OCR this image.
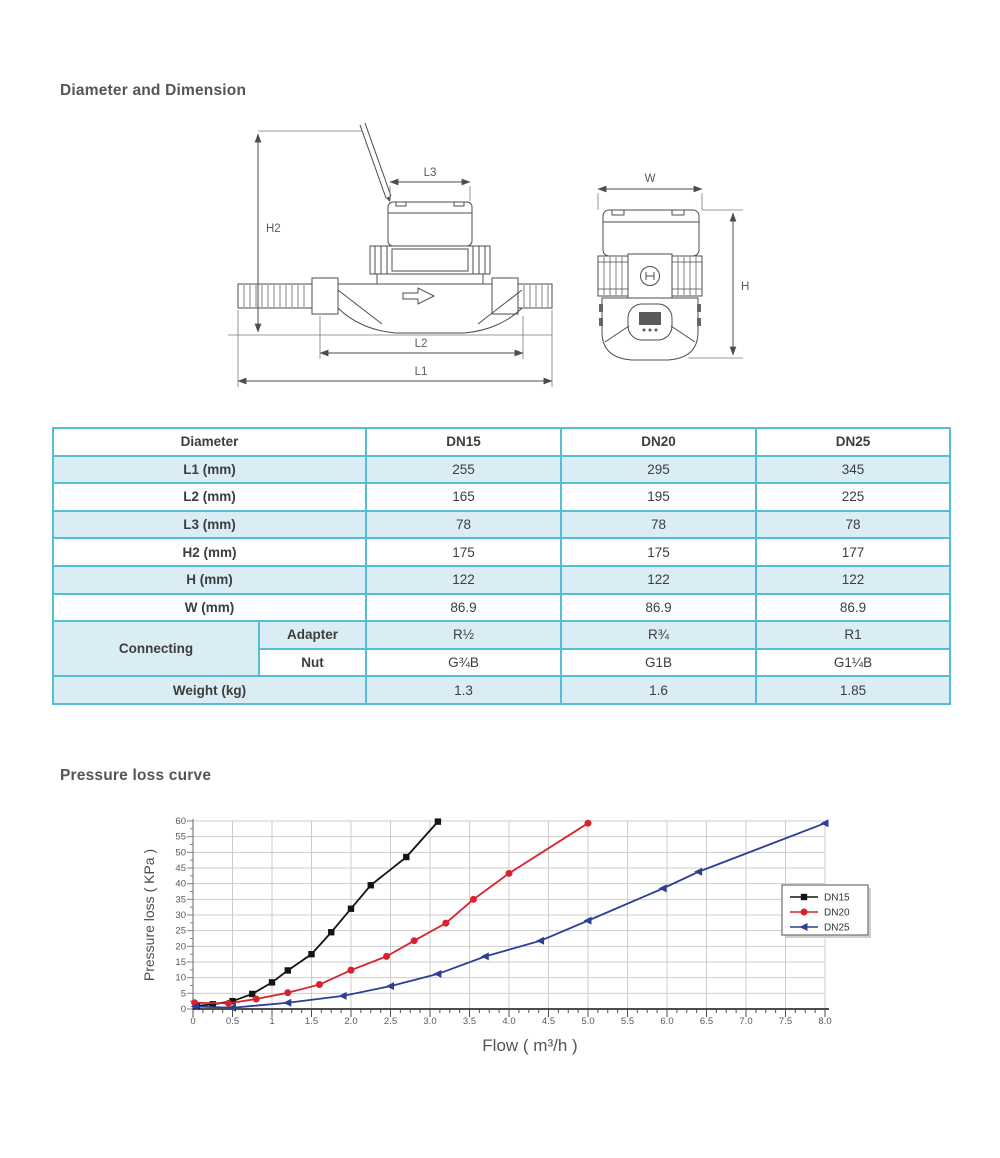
Diameter and Dimension
H2
L3
L2
L1
W
H
Diameter		DN15	DN20	DN25
L1 (mm)		255	295	345
L2 (mm)		165	195	225
L3 (mm)		78	78	78
H2 (mm)		175	175	177
H (mm)		122	122	122
W (mm)		86.9	86.9	86.9
Connecting	Adapter	R½	R¾	R1
	Nut	G¾B	G1B	G1¼B
Weight (kg)		1.3	1.6	1.85
Pressure loss curve
0	0.5	1	1.5	2.0	2.5	3.0	3.5	4.0	4.5	5.0	5.5	6.0	6.5	7.0	7.5	8.0
0
5
10
15
20
25
30
35
40
45
50
55
60
Pressure loss ( KPa )
Flow ( m³/h )
DN15
DN20
DN25
